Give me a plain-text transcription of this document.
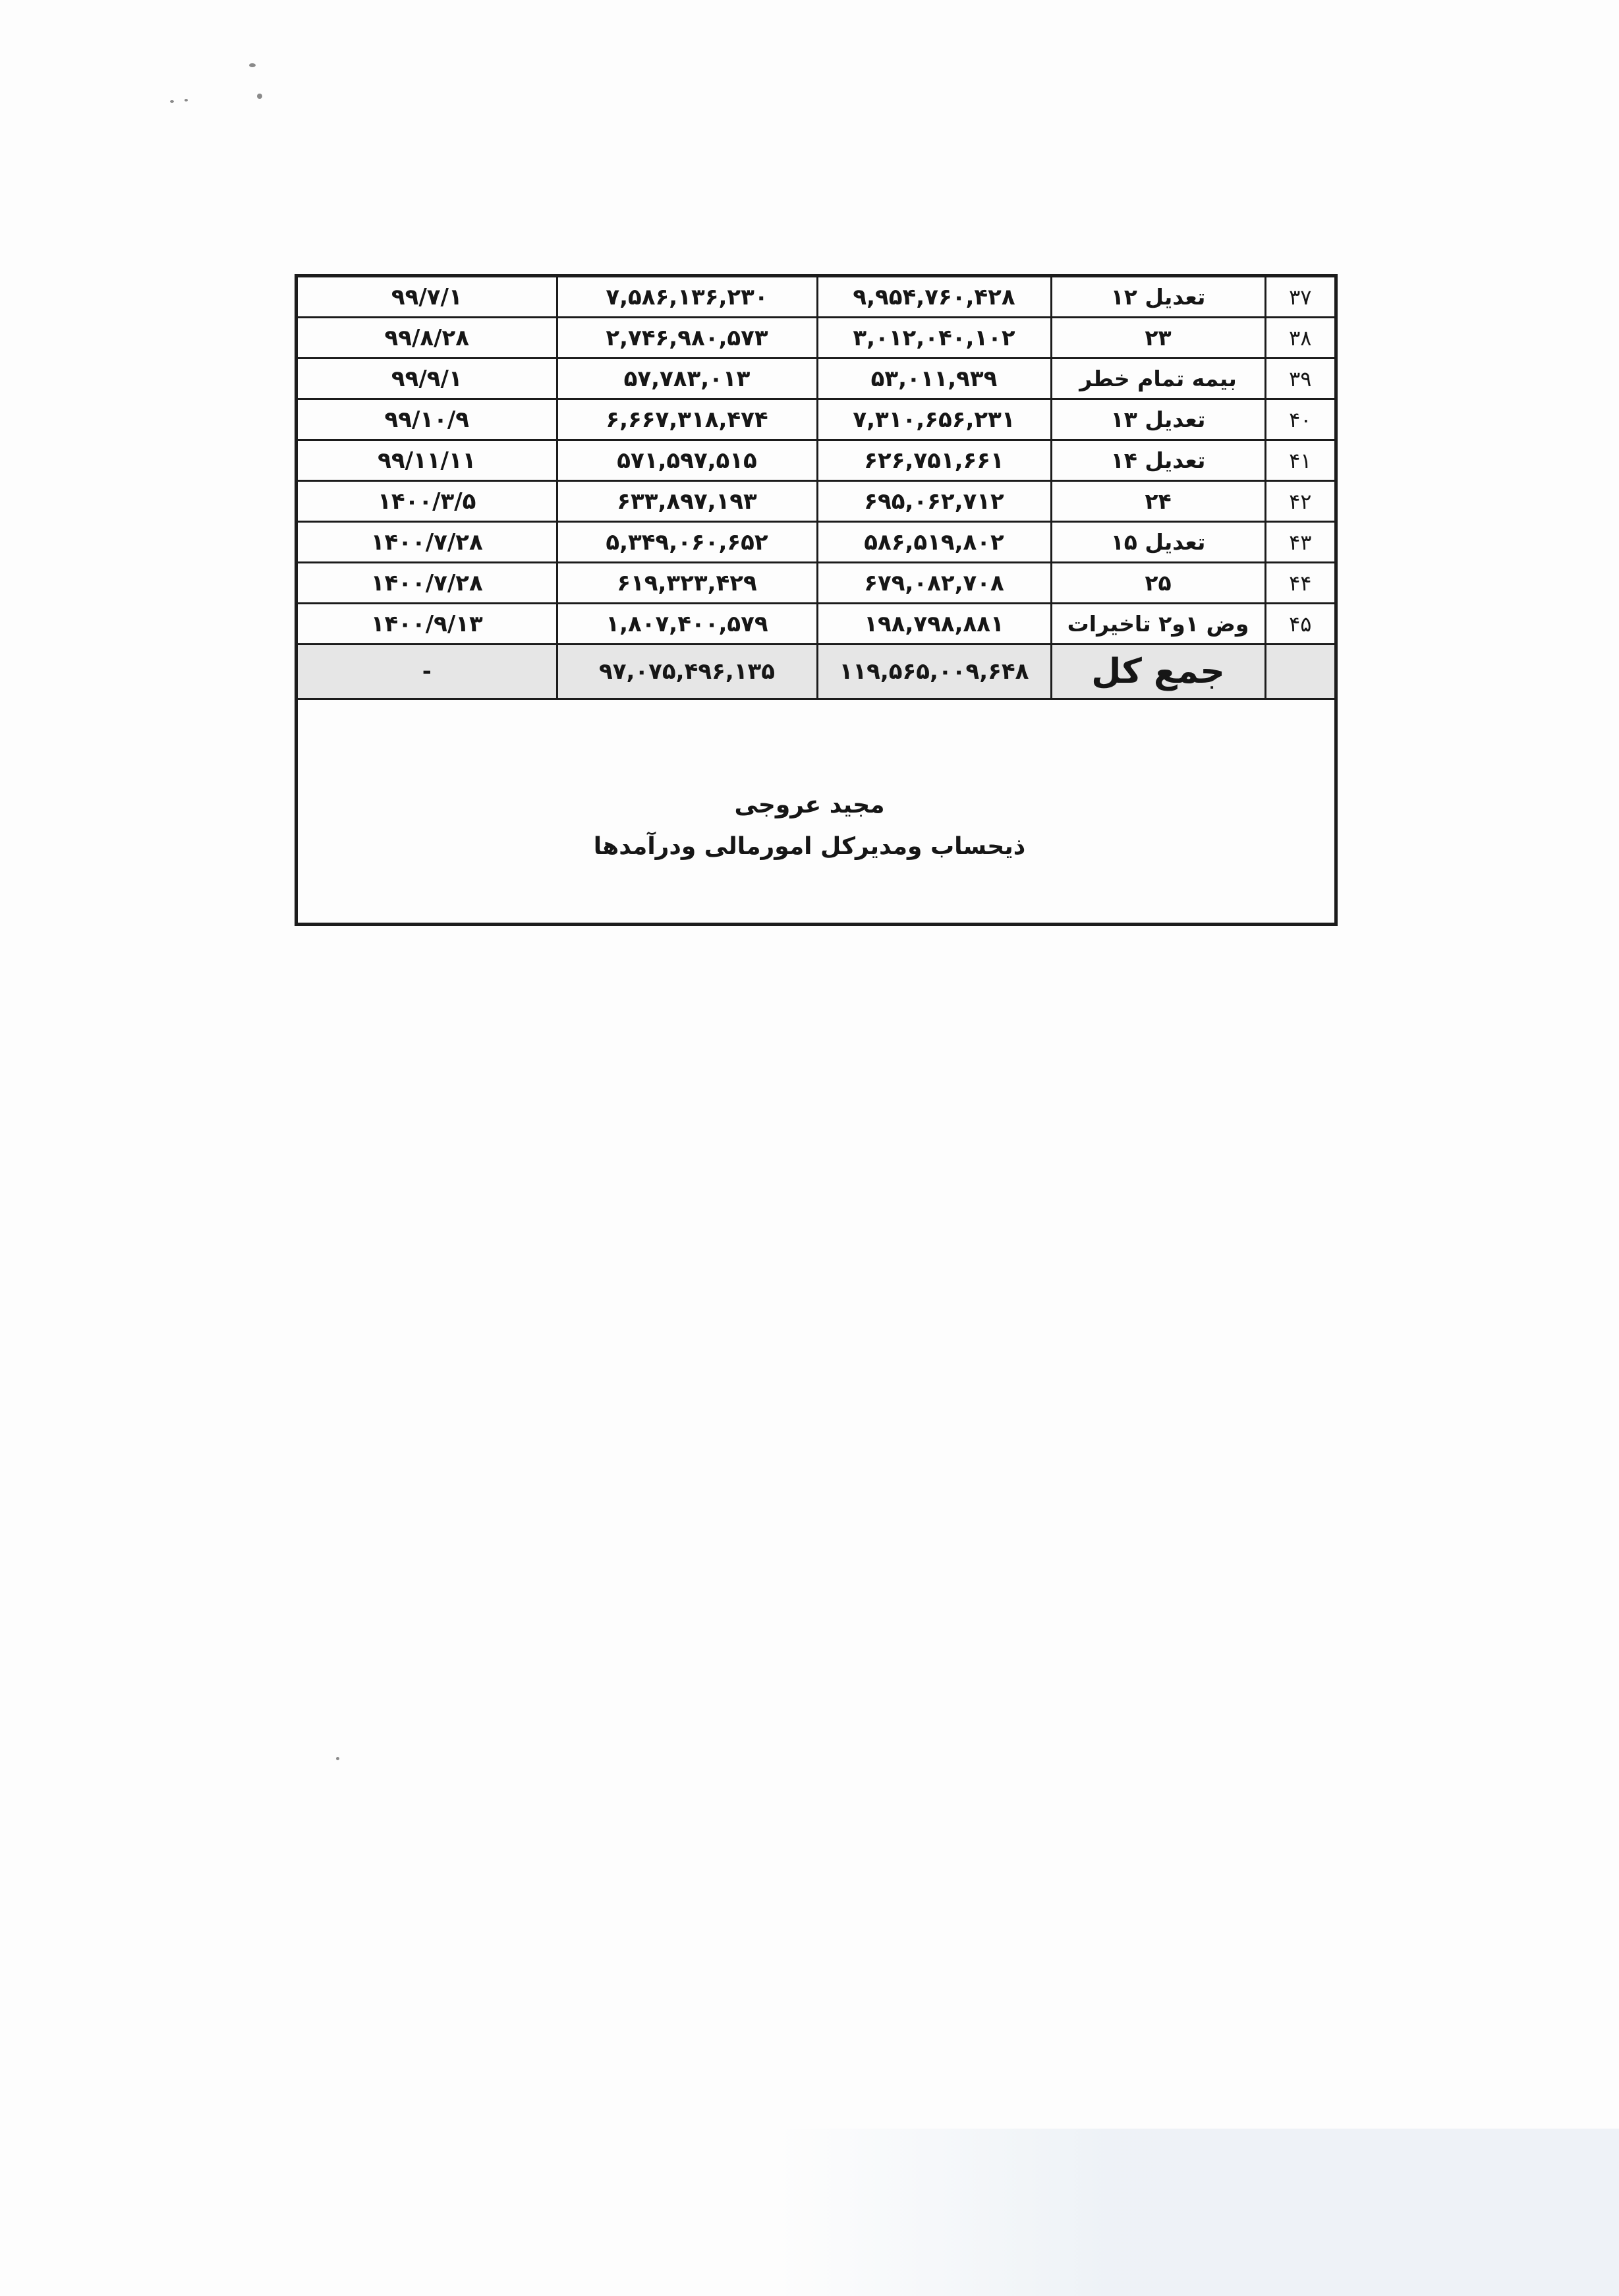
۳۷	تعدیل ۱۲	۹,۹۵۴,۷۶۰,۴۲۸	۷,۵۸۶,۱۳۶,۲۳۰	۹۹/۷/۱
۳۸	۲۳	۳,۰۱۲,۰۴۰,۱۰۲	۲,۷۴۶,۹۸۰,۵۷۳	۹۹/۸/۲۸
۳۹	بیمه تمام خطر	۵۳,۰۱۱,۹۳۹	۵۷,۷۸۳,۰۱۳	۹۹/۹/۱
۴۰	تعدیل ۱۳	۷,۳۱۰,۶۵۶,۲۳۱	۶,۶۶۷,۳۱۸,۴۷۴	۹۹/۱۰/۹
۴۱	تعدیل ۱۴	۶۲۶,۷۵۱,۶۶۱	۵۷۱,۵۹۷,۵۱۵	۹۹/۱۱/۱۱
۴۲	۲۴	۶۹۵,۰۶۲,۷۱۲	۶۳۳,۸۹۷,۱۹۳	۱۴۰۰/۳/۵
۴۳	تعدیل ۱۵	۵۸۶,۵۱۹,۸۰۲	۵,۳۴۹,۰۶۰,۶۵۲	۱۴۰۰/۷/۲۸
۴۴	۲۵	۶۷۹,۰۸۲,۷۰۸	۶۱۹,۳۲۳,۴۲۹	۱۴۰۰/۷/۲۸
۴۵	وض ۱و۲ تاخیرات	۱۹۸,۷۹۸,۸۸۱	۱,۸۰۷,۴۰۰,۵۷۹	۱۴۰۰/۹/۱۳
	جمع کل	۱۱۹,۵۶۵,۰۰۹,۶۴۸	۹۷,۰۷۵,۴۹۶,۱۳۵	-
مجید عروجی
ذیحساب ومدیرکل امورمالی ودرآمدها
